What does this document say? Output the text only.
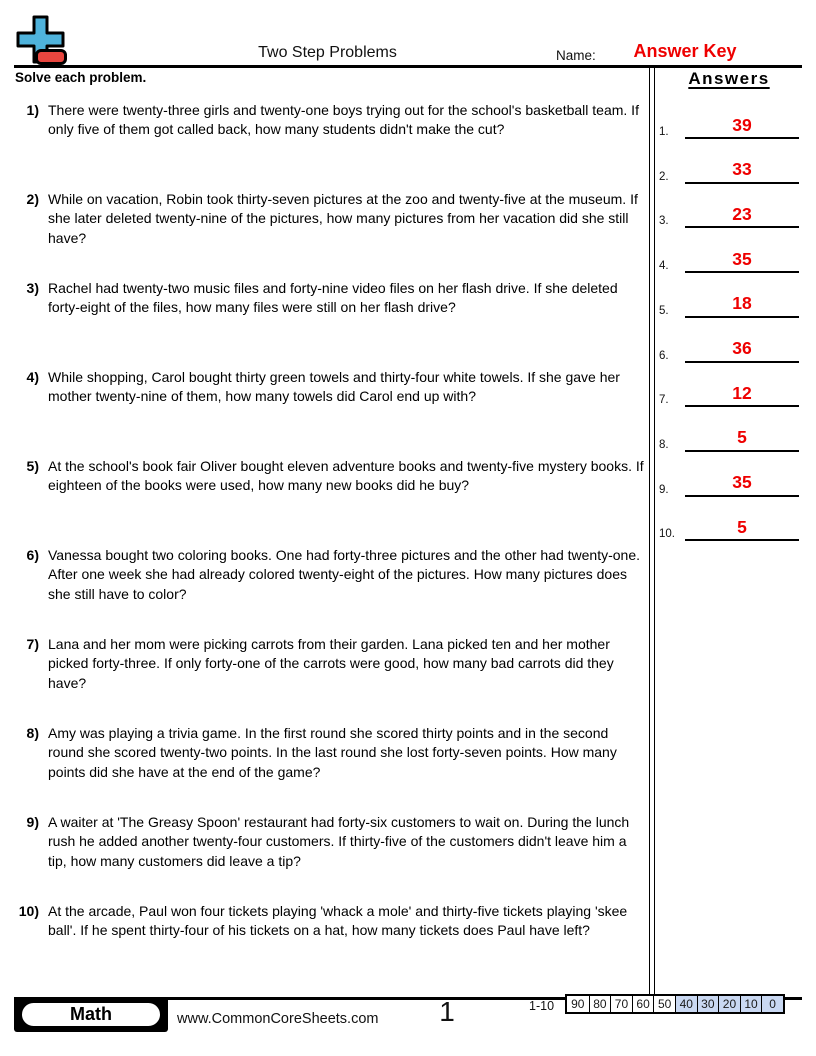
Two Step Problems	Name:	Answer Key
Solve each problem.
1) There were twenty-three girls and twenty-one boys trying out for the school's basketball team. If only five of them got called back, how many students didn't make the cut?
2) While on vacation, Robin took thirty-seven pictures at the zoo and twenty-five at the museum. If she later deleted twenty-nine of the pictures, how many pictures from her vacation did she still have?
3) Rachel had twenty-two music files and forty-nine video files on her flash drive. If she deleted forty-eight of the files, how many files were still on her flash drive?
4) While shopping, Carol bought thirty green towels and thirty-four white towels. If she gave her mother twenty-nine of them, how many towels did Carol end up with?
5) At the school's book fair Oliver bought eleven adventure books and twenty-five mystery books. If eighteen of the books were used, how many new books did he buy?
6) Vanessa bought two coloring books. One had forty-three pictures and the other had twenty-one. After one week she had already colored twenty-eight of the pictures. How many pictures does she still have to color?
7) Lana and her mom were picking carrots from their garden. Lana picked ten and her mother picked forty-three. If only forty-one of the carrots were good, how many bad carrots did they have?
8) Amy was playing a trivia game. In the first round she scored thirty points and in the second round she scored twenty-two points. In the last round she lost forty-seven points. How many points did she have at the end of the game?
9) A waiter at 'The Greasy Spoon' restaurant had forty-six customers to wait on. During the lunch rush he added another twenty-four customers. If thirty-five of the customers didn't leave him a tip, how many customers did leave a tip?
10) At the arcade, Paul won four tickets playing 'whack a mole' and thirty-five tickets playing 'skee ball'. If he spent thirty-four of his tickets on a hat, how many tickets does Paul have left?
Answers
1.	39
2.	33
3.	23
4.	35
5.	18
6.	36
7.	12
8.	5
9.	35
10.	5
Math	www.CommonCoreSheets.com	1	1-10	90 80 70 60 50 40 30 20 10 0
